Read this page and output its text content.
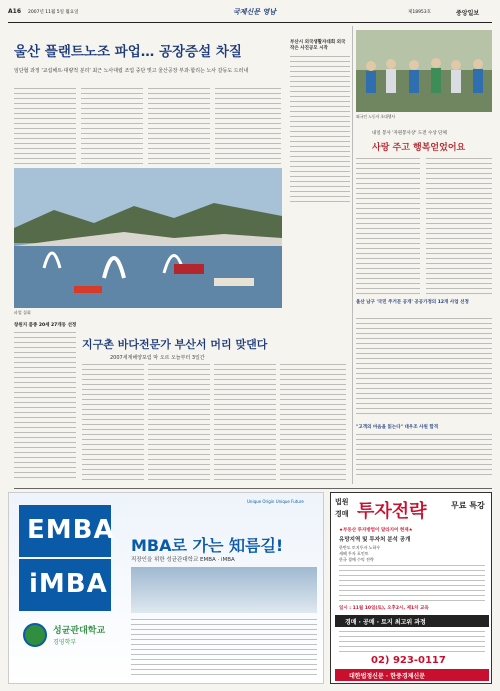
A16 2007년 11월 5일 월요일	국제신문 영남	제18953호	중앙일보
울산 플랜트노조 파업… 공장증설 차질
임단협 과정 '교섭해트·대량적 분리' 최근 노사대립 조업 중단 빚고 울산공장 부과·합리는 노사 갈등도 드러내
파업 집회
부산시 외국생활자대회 외국 작은 사진공모 시작
외국인 노동자 초대행사
내일 봉사 '자원봉사상' 도전 수상 단체
사랑 주고 행복얻었어요
창원지 품종 20세 27개동 선정
울산 남구 '국민 주거문 공개' 공공가정의 12개 사업 선정
"고객의 마음을 읽는다" 대우조 사원 합격
지구촌 바다전문가 부산서 머리 맞댄다
2007세계해양포럼 막 오르 오늘부터 3일간
Unique Origin Unique Future
EMBA
iMBA
MBA로 가는 知름길!
직장인을 위한 성균관대학교 EMBA · iMBA
성균관대학교
경영학부
법원
경매 투자전략	무료 특강
★부동산 투자방법이 달라지어 현재★
유망지역 및 투자처 분석 공개
한반도 토지투자 노하우
새해 투자 포인트
한국 경매 수익 전략
일시 : 11월 10일(토), 오후2시, 제1차 교육
경매 · 공매 · 토지 최고위 과정
02) 923-0117
대한법정신문 · 한중경제신문
